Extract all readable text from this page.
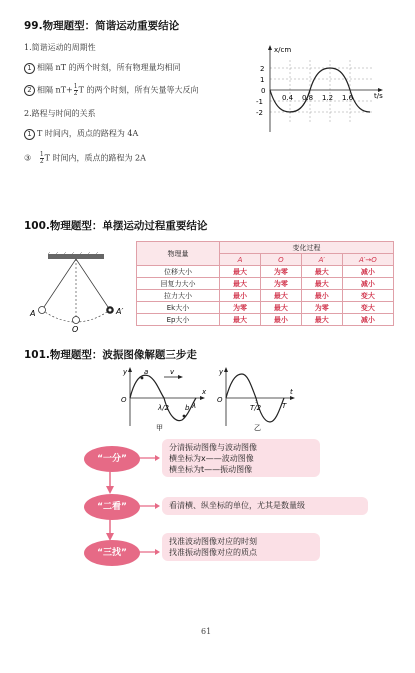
99.物理题型：简谐运动重要结论
1.简谐运动的周期性
1 相隔 nT 的两个时刻，所有物理量均相同
2 相隔 $nT+ \frac{1}{2}$ T 的两个时刻，所有矢量等大反向
2.路程与时间的关系
1 T 时间内，质点的路程为 4A
③ $\frac{1}{2}$ T 时间内，质点的路程为 2A
x/cm
t/s
2
1
0
-1
-2
0.4 0.8 1.2 1.6
100.物理题型：单摆运动过程重要结论
A
O
A′
物理量	变化过程			
	A	O	A′	A′→O
位移大小	最大	为零	最大	减小
回复力大小	最大	为零	最大	减小
拉力大小	最小	最大	最小	变大
Ek大小	为零	最大	为零	变大
Ep大小	最大	最小	最大	减小
101.物理题型：波振图像解题三步走
y a	v
O
λ/2 b
x
λ
甲
y
O
T/2	T
t
乙
“一分”
“二看”
“三找”
分清振动图像与波动图像
横坐标为x——波动图像
横坐标为t——振动图像
看清横、纵坐标的单位，尤其是数量级
找准波动图像对应的时刻
找准振动图像对应的质点
61
